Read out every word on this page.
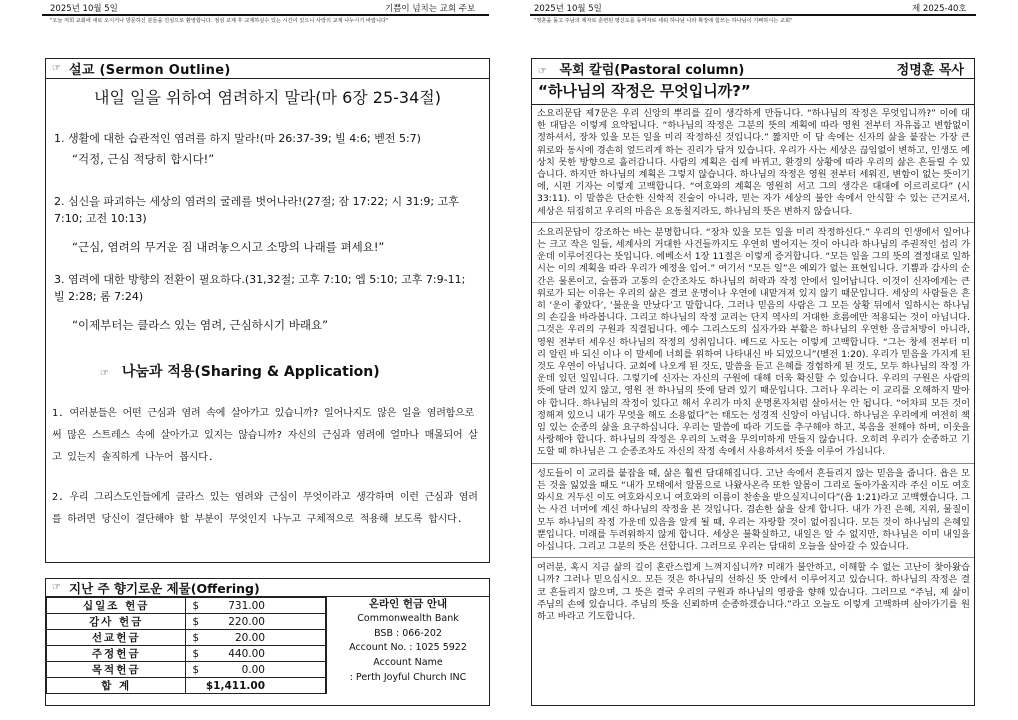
2025년 10월 5일	기쁨이 넘치는 교회 주보
"오늘 저희 교회에 새로 오시거나 방문하신 분들을 진심으로 환영합니다. 점심 교제 후 교제하실수 있는 시간이 있으니 사랑의 교제 나누시기 바랍니다"
2025년 10월 5일	제 2025-40호
"영혼을 돌고 주님의 제자로 훈련된 평신도를 동역자로 세워 하나님 나라 확장에 힘쓰는 하나님이 기뻐하시는 교회"
☞ 설교 (Sermon Outline)
내일 일을 위하여 염려하지 말라(마 6장 25-34절)
1. 생활에 대한 습관적인 염려를 하지 말라!(마 26:37-39; 빌 4:6; 벧전 5:7)
“걱정, 근심 적당히 합시다!”
2. 심신을 파괴하는 세상의 염려의 굴레를 벗어나라!(27절; 잠 17:22; 시 31:9; 고후 7:10; 고전 10:13)
“근심, 염려의 무거운 짐 내려놓으시고 소망의 나래를 펴세요!”
3. 염려에 대한 방향의 전환이 필요하다.(31,32절; 고후 7:10; 엡 5:10; 고후 7:9-11; 빌 2:28; 롬 7:24)
“이제부터는 클라스 있는 염려, 근심하시기 바래요”
☞ 나눔과 적용(Sharing & Application)
1. 여러분들은 어떤 근심과 염려 속에 살아가고 있습니까? 일어나지도 않은 일을 염려함으로써 많은 스트레스 속에 살아가고 있지는 않습니까? 자신의 근심과 염려에 얼마나 매몰되어 살고 있는지 솔직하게 나누어 봅시다.
2. 우리 그리스도인들에게 클라스 있는 염려와 근심이 무엇이라고 생각하며 이런 근심과 염려를 하려면 당신이 결단해야 할 부분이 무엇인지 나누고 구체적으로 적용해 보도록 합시다.
☞ 지난 주 향기로운 제물(Offering)
십일조 헌금	$	731.00
감사 헌금	$	220.00
선교헌금	$	20.00
주정헌금	$	440.00
목적헌금	$	0.00
합 계		$1,411.00
온라인 헌금 안내
Commonwealth Bank
BSB : 066-202
Account No. : 1025 5922
Account Name
: Perth Joyful Church INC
☞ 목회 칼럼(Pastoral column)	정명훈 목사
“하나님의 작정은 무엇입니까?”

소요리문답 제7문은 우리 신앙의 뿌리를 깊이 생각하게 만듭니다. “하나님의 작정은 무엇입니까?” 이에 대한 대답은 이렇게 요약됩니다. “하나님의 작정은 그분의 뜻의 계획에 따라 영원 전부터 자유롭고 변함없이 정하셔서, 장차 있을 모든 일을 미리 작정하신 것입니다.” 짧지만 이 답 속에는 신자의 삶을 붙잡는 가장 큰 위로와 동시에 경손히 엎드리게 하는 진리가 담겨 있습니다. 우리가 사는 세상은 끊임없이 변하고, 인생도 예상치 못한 방향으로 흘러갑니다. 사람의 계획은 쉽게 바뀌고, 환경의 상황에 따라 우리의 삶은 흔들릴 수 있습니다. 하지만 하나님의 계획은 그렇지 않습니다. 하나님의 작정은 영원 전부터 세워진, 변함이 없는 뜻이기에, 시편 기자는 이렇게 고백합니다. “여호와의 계획은 영원히 서고 그의 생각은 대대에 이르리로다” (시 33:11). 이 말씀은 단순한 신학적 진술이 아니라, 믿는 자가 세상의 불안 속에서 안식할 수 있는 근거로서, 세상은 뒤집히고 우리의 마음은 요동칠지라도, 하나님의 뜻은 변하지 않습니다.

소요리문답이 강조하는 바는 분명합니다. “장차 있을 모든 일을 미리 작정하신다.” 우리의 인생에서 일어나는 크고 작은 일들, 세계사의 거대한 사건들까지도 우연히 벌어지는 것이 아니라 하나님의 주권적인 섭리 가운데 이루어진다는 뜻입니다. 에베소서 1장 11절은 이렇게 증거합니다. “모든 일을 그의 뜻의 결정대로 일하시는 이의 계획을 따라 우리가 예정을 입어.” 여기서 “모든 일”은 예외가 없는 표현입니다. 기쁨과 감사의 순간은 물론이고, 슬픔과 고통의 순간조차도 하나님의 허락과 작정 안에서 일어납니다. 이것이 신자에게는 큰 위로가 되는 이유는 우리의 삶은 결코 운명이나 우연에 내맡겨져 있지 않기 때문입니다. 세상의 사람들은 흔히 ‘운이 좋았다’, ‘불운을 만났다’고 말합니다. 그러나 믿음의 사람은 그 모든 상황 뒤에서 일하시는 하나님의 손길을 바라봅니다. 그리고 하나님의 작정 교리는 단지 역사의 거대한 흐름에만 적용되는 것이 아닙니다. 그것은 우리의 구원과 직결됩니다. 예수 그리스도의 십자가와 부활은 하나님의 우연한 응급처방이 아니라, 영원 전부터 세우신 하나님의 작정의 성취입니다. 베드로 사도는 이렇게 고백합니다. “그는 창세 전부터 미리 알린 바 되신 이나 이 말세에 너희를 위하여 나타내신 바 되었으니”(벧전 1:20). 우리가 믿음을 가지게 된 것도 우연이 아닙니다. 교회에 나오게 된 것도, 말씀을 듣고 은혜를 경험하게 된 것도, 모두 하나님의 작정 가운데 있던 일입니다. 그렇기에 신자는 자신의 구원에 대해 더욱 확신할 수 있습니다. 우리의 구원은 사람의 뜻에 달려 있지 않고, 영원 전 하나님의 뜻에 달려 있기 때문입니다. 그러나 우리는 이 교리를 오해하지 말아야 합니다. 하나님의 작정이 있다고 해서 우리가 마치 운명론자처럼 살아서는 안 됩니다. “어차피 모든 것이 정해져 있으니 내가 무엇을 해도 소용없다”는 태도는 성경적 신앙이 아닙니다. 하나님은 우리에게 여전히 책임 있는 순종의 삶을 요구하십니다. 우리는 말씀에 따라 기도를 추구해야 하고, 복음을 전해야 하며, 이웃을 사랑해야 합니다. 하나님의 작정은 우리의 노력을 무의미하게 만들지 않습니다. 오히려 우리가 순종하고 기도할 때 하나님은 그 순종조차도 자신의 작정 속에서 사용하셔서 뜻을 이루어 가십니다.

성도들이 이 교리를 붙잡을 때, 삶은 훨씬 담대해집니다. 고난 속에서 흔들리지 않는 믿음을 줍니다. 욥은 모든 것을 잃었을 때도 “내가 모태에서 알몸으로 나왔사온즉 또한 알몸이 그리로 돌아가올지라 주신 이도 여호와시요 거두신 이도 여호와시오니 여호와의 이름이 찬송을 받으실지니이다”(욥 1:21)라고 고백했습니다. 그는 사건 너머에 계신 하나님의 작정을 본 것입니다. 겸손한 삶을 살게 합니다. 내가 가진 은혜, 지위, 물질이 모두 하나님의 작정 가운데 있음을 알게 될 때, 우리는 자랑할 것이 없어집니다. 모든 것이 하나님의 은혜일 뿐입니다. 미래를 두려워하지 않게 합니다. 세상은 불확실하고, 내일은 알 수 없지만, 하나님은 이미 내일을 아십니다. 그리고 그분의 뜻은 선합니다. 그러므로 우리는 담대히 오늘을 살아갈 수 있습니다.

여러분, 혹시 지금 삶의 길이 혼란스럽게 느껴지십니까? 미래가 불안하고, 이해할 수 없는 고난이 찾아왔습니까? 그러나 믿으십시오. 모든 것은 하나님의 선하신 뜻 안에서 이루어지고 있습니다. 하나님의 작정은 결코 흔들리지 않으며, 그 뜻은 결국 우리의 구원과 하나님의 영광을 향해 있습니다. 그러므로 “주님, 제 삶이 주님의 손에 있습니다. 주님의 뜻을 신뢰하며 순종하겠습니다.”라고 오늘도 이렇게 고백하며 살아가기를 원하고 바라고 기도합니다.
